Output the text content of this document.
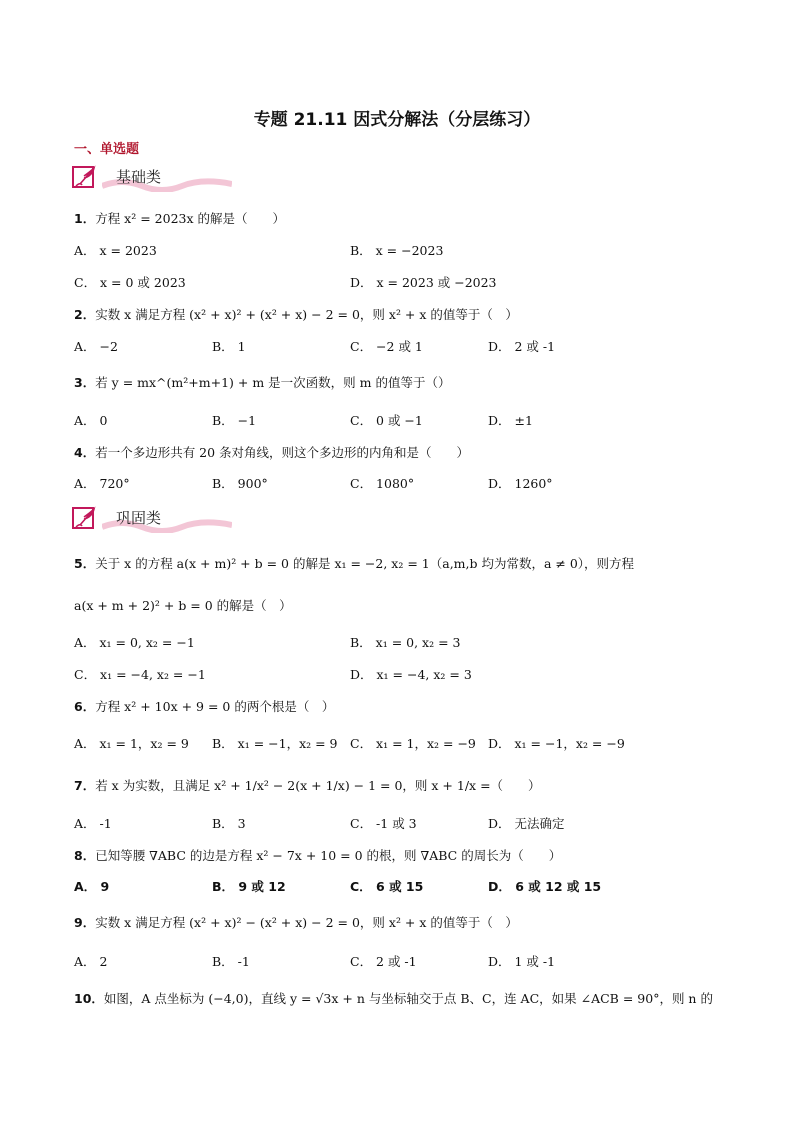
专题 21.11 因式分解法（分层练习）
一、单选题
基础类
1．方程 x² = 2023x 的解是（　　）
A． x = 2023	B． x = −2023
C． x = 0 或 2023	D． x = 2023 或 −2023
2．实数 x 满足方程 (x² + x)² + (x² + x) − 2 = 0，则 x² + x 的值等于（　）
A． −2	B． 1	C． −2 或 1	D． 2 或 -1
3．若 y = mx^(m²+m+1) + m 是一次函数，则 m 的值等于（）
A． 0	B． −1	C． 0 或 −1	D． ±1
4．若一个多边形共有 20 条对角线，则这个多边形的内角和是（　　）
A． 720°	B． 900°	C． 1080°	D． 1260°
巩固类
5．关于 x 的方程 a(x + m)² + b = 0 的解是 x₁ = −2, x₂ = 1（a,m,b 均为常数，a ≠ 0），则方程
a(x + m + 2)² + b = 0 的解是（　）
A． x₁ = 0, x₂ = −1	B． x₁ = 0, x₂ = 3
C． x₁ = −4, x₂ = −1	D． x₁ = −4, x₂ = 3
6．方程 x² + 10x + 9 = 0 的两个根是（　）
A． x₁ = 1，x₂ = 9 B． x₁ = −1，x₂ = 9 C． x₁ = 1，x₂ = −9 D． x₁ = −1，x₂ = −9
7．若 x 为实数，且满足 x² + 1/x² − 2(x + 1/x) − 1 = 0，则 x + 1/x =（　　）
A． -1	B． 3	C． -1 或 3	D． 无法确定
8．已知等腰 ∇ABC 的边是方程 x² − 7x + 10 = 0 的根，则 ∇ABC 的周长为（　　）
A． 9	B． 9 或 12	C． 6 或 15	D． 6 或 12 或 15
9．实数 x 满足方程 (x² + x)² − (x² + x) − 2 = 0，则 x² + x 的值等于（　）
A． 2	B． -1	C． 2 或 -1	D． 1 或 -1
10．如图，A 点坐标为 (−4,0)，直线 y = √3x + n 与坐标轴交于点 B、C，连 AC，如果 ∠ACB = 90°，则 n 的
